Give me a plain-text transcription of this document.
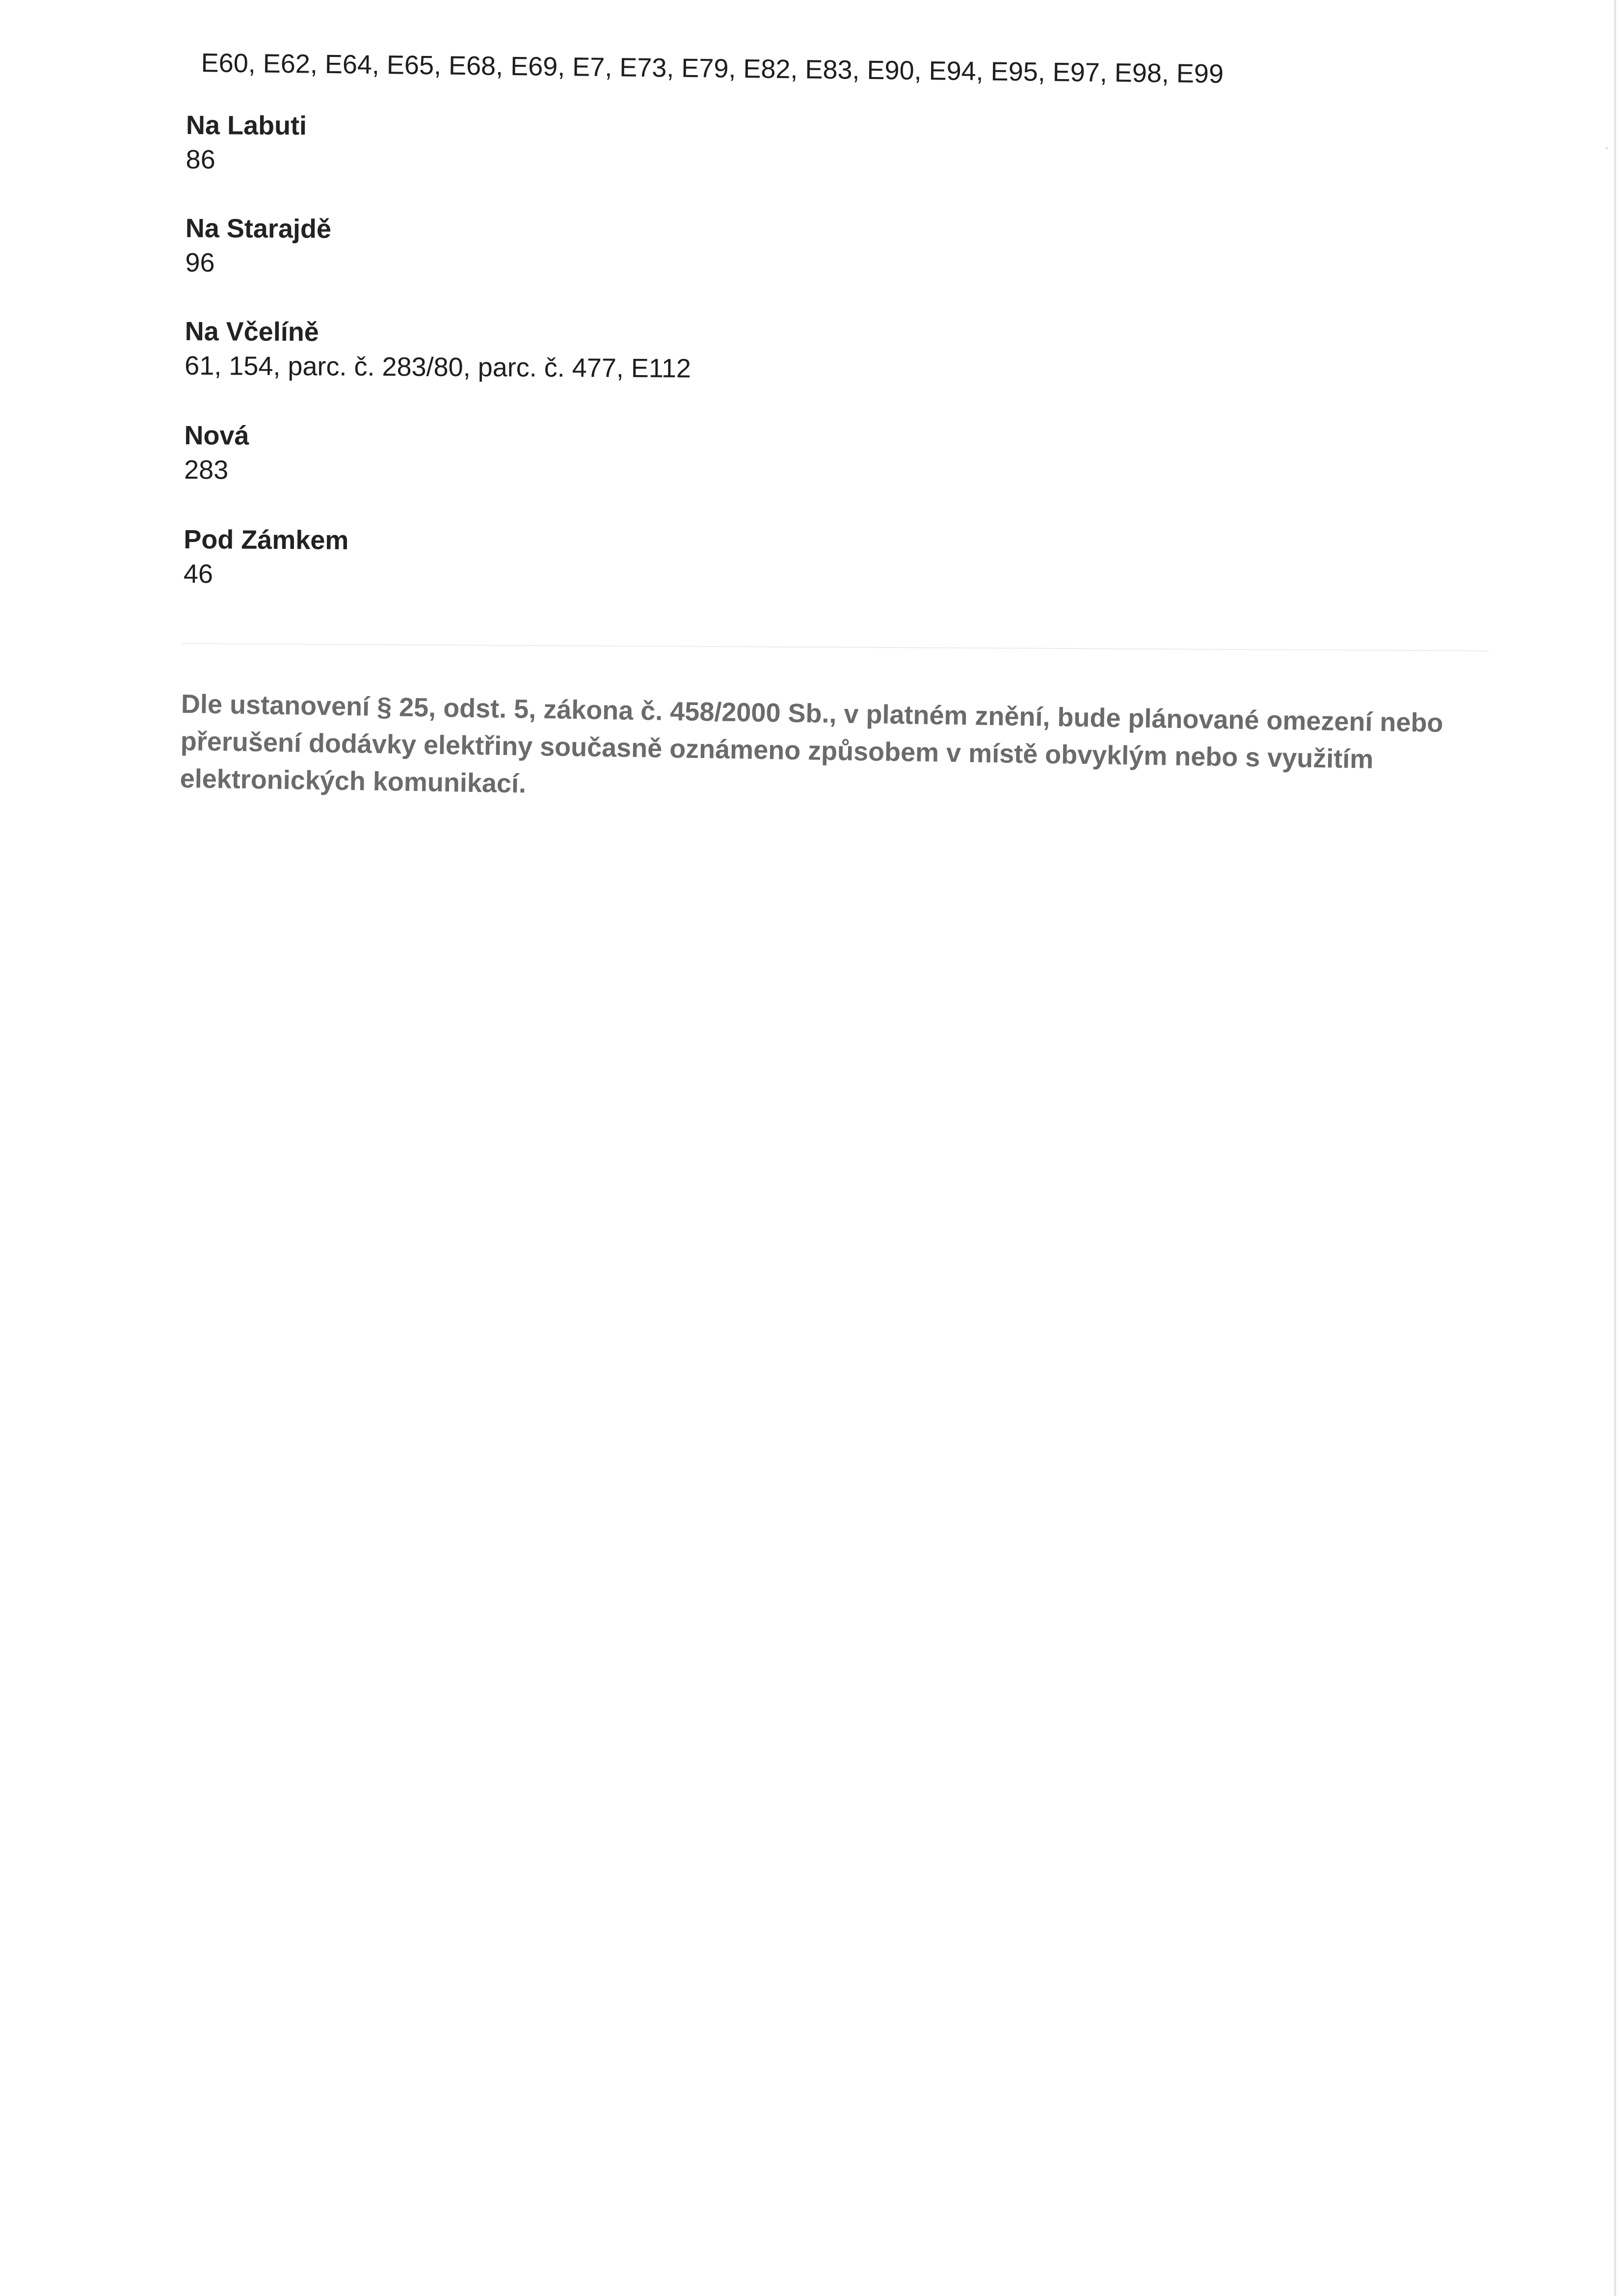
E60, E62, E64, E65, E68, E69, E7, E73, E79, E82, E83, E90, E94, E95, E97, E98, E99
Na Labuti
86
Na Starajdě
96
Na Včelíně
61, 154, parc. č. 283/80, parc. č. 477, E112
Nová
283
Pod Zámkem
46
Dle ustanovení § 25, odst. 5, zákona č. 458/2000 Sb., v platném znění, bude plánované omezení nebo přerušení dodávky elektřiny současně oznámeno způsobem v místě obvyklým nebo s využitím elektronických komunikací.
